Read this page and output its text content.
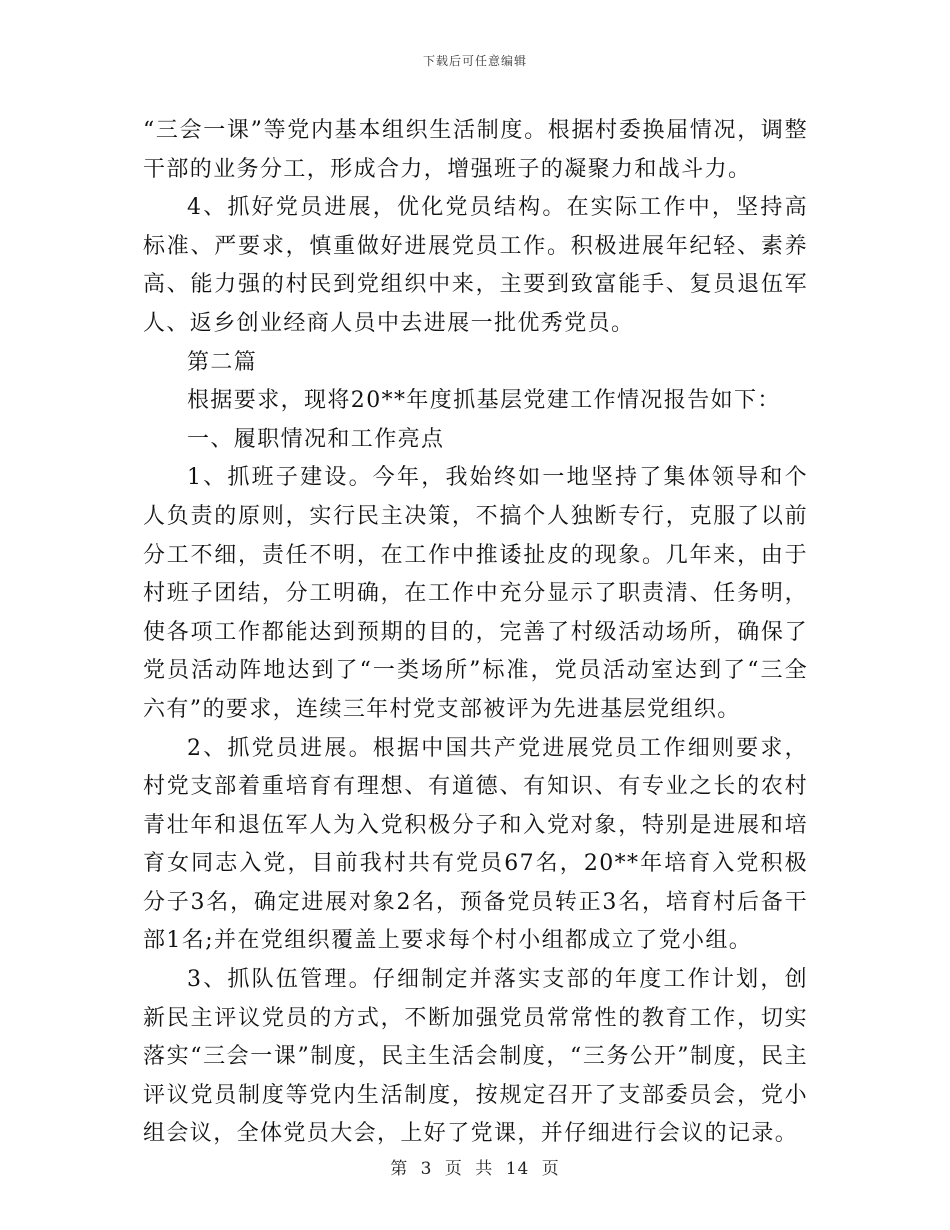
下载后可任意编辑

“三会一课”等党内基本组织生活制度。根据村委换届情况，调整干部的业务分工，形成合力，增强班子的凝聚力和战斗力。

4、抓好党员进展，优化党员结构。在实际工作中，坚持高标准、严要求，慎重做好进展党员工作。积极进展年纪轻、素养高、能力强的村民到党组织中来，主要到致富能手、复员退伍军人、返乡创业经商人员中去进展一批优秀党员。

第二篇

根据要求，现将20**年度抓基层党建工作情况报告如下：

一、履职情况和工作亮点

1、抓班子建设。今年，我始终如一地坚持了集体领导和个人负责的原则，实行民主决策，不搞个人独断专行，克服了以前分工不细，责任不明，在工作中推诿扯皮的现象。几年来，由于村班子团结，分工明确，在工作中充分显示了职责清、任务明，使各项工作都能达到预期的目的，完善了村级活动场所，确保了党员活动阵地达到了“一类场所”标准，党员活动室达到了“三全六有”的要求，连续三年村党支部被评为先进基层党组织。

2、抓党员进展。根据中国共产党进展党员工作细则要求，村党支部着重培育有理想、有道德、有知识、有专业之长的农村青壮年和退伍军人为入党积极分子和入党对象，特别是进展和培育女同志入党，目前我村共有党员67名，20**年培育入党积极分子3名，确定进展对象2名，预备党员转正3名，培育村后备干部1名;并在党组织覆盖上要求每个村小组都成立了党小组。

3、抓队伍管理。仔细制定并落实支部的年度工作计划，创新民主评议党员的方式，不断加强党员常常性的教育工作，切实落实“三会一课”制度，民主生活会制度，“三务公开”制度，民主评议党员制度等党内生活制度，按规定召开了支部委员会，党小组会议，全体党员大会，上好了党课，并仔细进行会议的记录。

第 3 页 共 14 页
